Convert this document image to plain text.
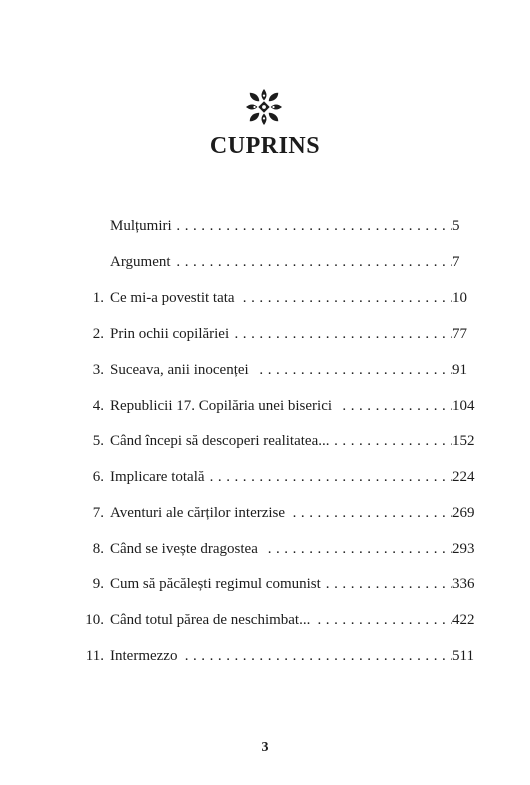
CUPRINS
Mulțumiri . . .	5
Argument . . .	7
1. Ce mi-a povestit tata . . .	10
2. Prin ochii copilăriei . . .	77
3. Suceava, anii inocenței . . .	91
4. Republicii 17. Copilăria unei biserici . . .	104
5. Când începi să descoperi realitatea... . . .	152
6. Implicare totală . . .	224
7. Aventuri ale cărților interzise . . .	269
8. Când se ivește dragostea . . .	293
9. Cum să păcălești regimul comunist . . .	336
10. Când totul părea de neschimbat... . . .	422
11. Intermezzo . . .	511
3
